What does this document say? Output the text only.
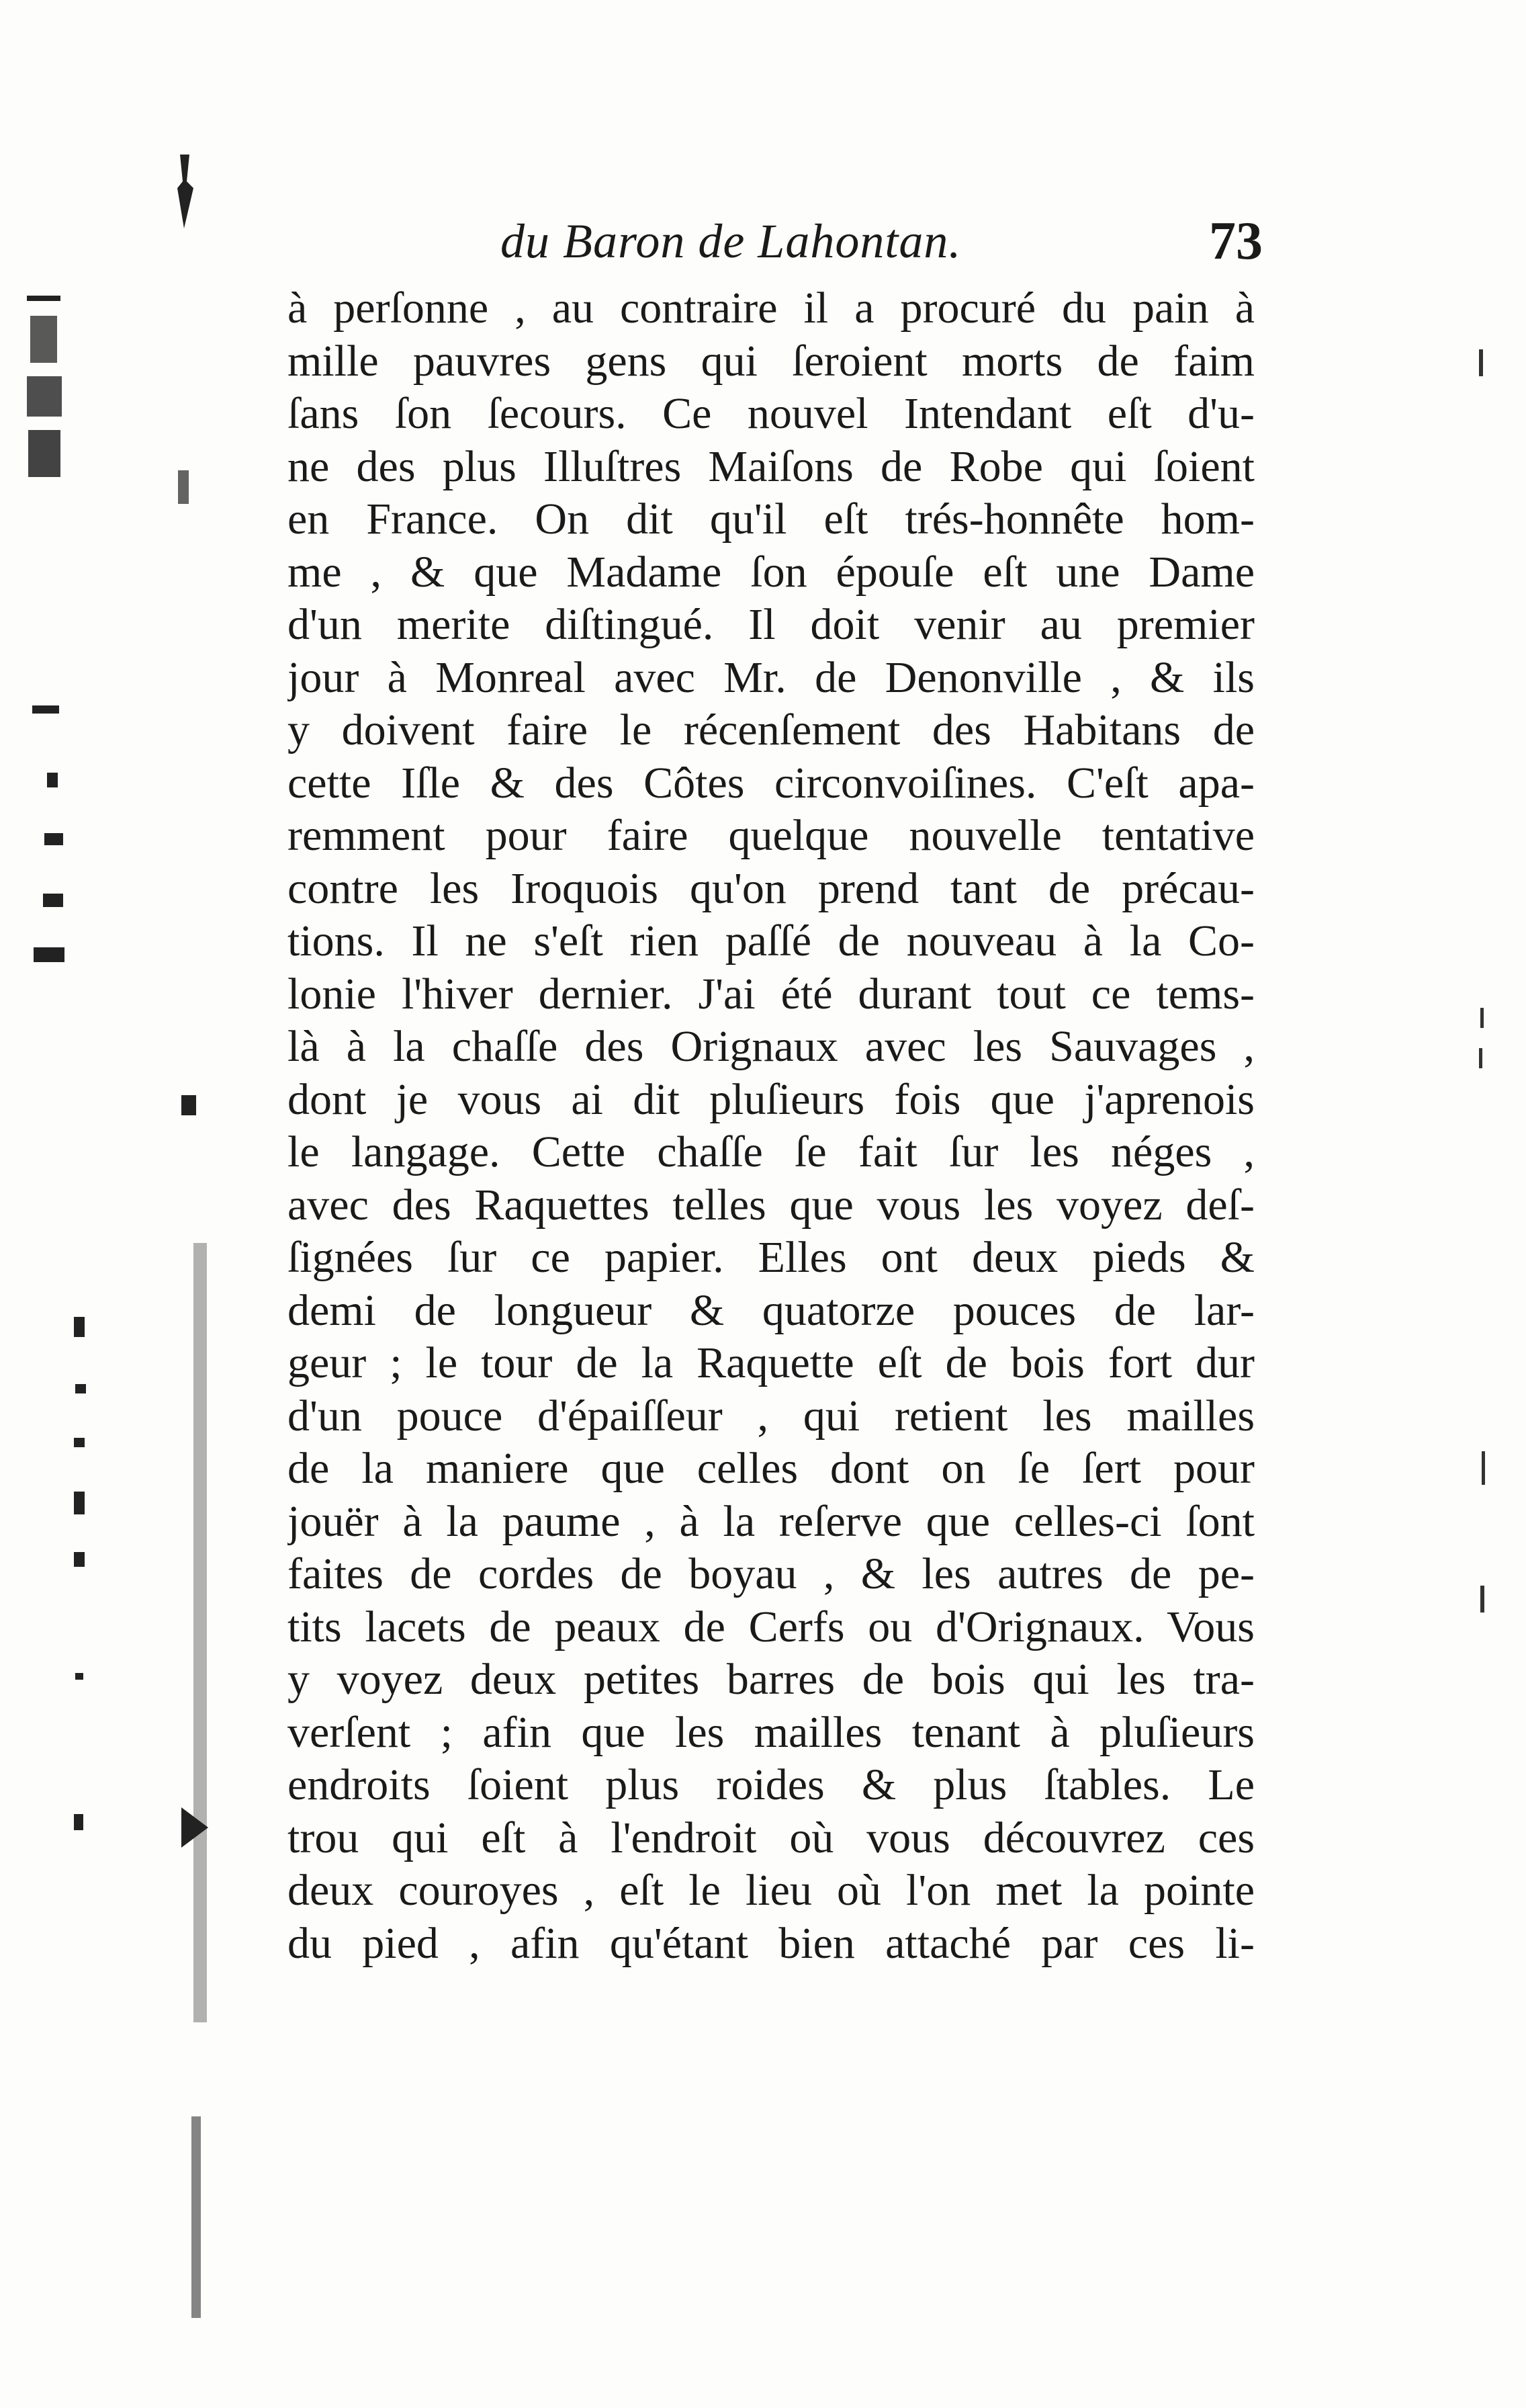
du Baron de Lahontan.	73
à perſonne , au contraire il a procuré du pain à
mille pauvres gens qui ſeroient morts de faim
ſans ſon ſecours. Ce nouvel Intendant eſt d'u-
ne des plus Illuſtres Maiſons de Robe qui ſoient
en France. On dit qu'il eſt trés-honnête hom-
me , & que Madame ſon épouſe eſt une Dame
d'un merite diſtingué. Il doit venir au premier
jour à Monreal avec Mr. de Denonville , & ils
y doivent faire le récenſement des Habitans de
cette Iſle & des Côtes circonvoiſines. C'eſt apa-
remment pour faire quelque nouvelle tentative
contre les Iroquois qu'on prend tant de précau-
tions. Il ne s'eſt rien paſſé de nouveau à la Co-
lonie l'hiver dernier. J'ai été durant tout ce tems-
là à la chaſſe des Orignaux avec les Sauvages ,
dont je vous ai dit pluſieurs fois que j'aprenois
le langage. Cette chaſſe ſe fait ſur les néges ,
avec des Raquettes telles que vous les voyez deſ-
ſignées ſur ce papier. Elles ont deux pieds &
demi de longueur & quatorze pouces de lar-
geur ; le tour de la Raquette eſt de bois fort dur
d'un pouce d'épaiſſeur , qui retient les mailles
de la maniere que celles dont on ſe ſert pour
jouër à la paume , à la reſerve que celles-ci ſont
faites de cordes de boyau , & les autres de pe-
tits lacets de peaux de Cerfs ou d'Orignaux. Vous
y voyez deux petites barres de bois qui les tra-
verſent ; afin que les mailles tenant à pluſieurs
endroits ſoient plus roides & plus ſtables. Le
trou qui eſt à l'endroit où vous découvrez ces
deux couroyes , eſt le lieu où l'on met la pointe
du pied , afin qu'étant bien attaché par ces li-
